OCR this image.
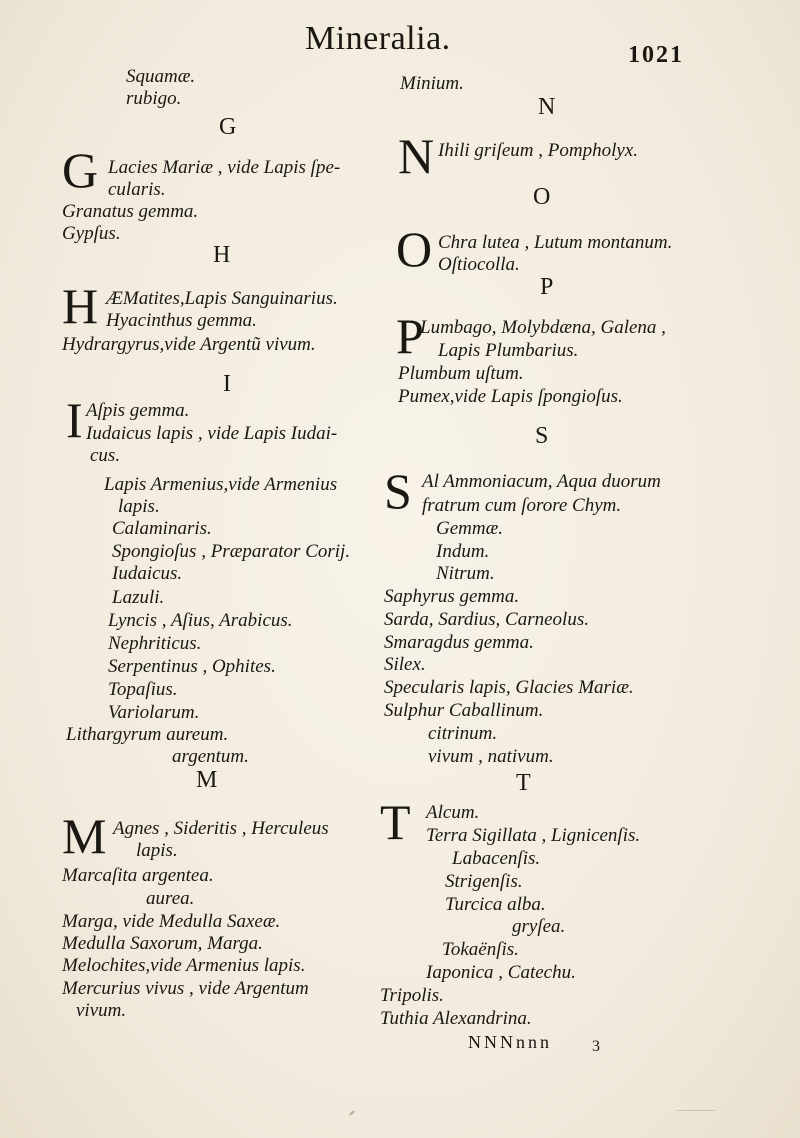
Mineralia.	1021
Squamæ.
rubigo.
G
G Lacies Mariæ , vide Lapis ſpe-
cularis.
Granatus gemma.
Gypſus.
H
H ÆMatites,Lapis Sanguinarius.
Hyacinthus gemma.
Hydrargyrus,vide Argentũ vivum.
I
I Aſpis gemma.
Iudaicus lapis , vide Lapis Iudai-
cus.
Lapis Armenius,vide Armenius
lapis.
Calaminaris.
Spongioſus , Præparator Corij.
Iudaicus.
Lazuli.
Lyncis , Aſius, Arabicus.
Nephriticus.
Serpentinus , Ophites.
Topaſius.
Variolarum.
Lithargyrum aureum.
argentum.
M
M Agnes , Sideritis , Herculeus
lapis.
Marcaſita argentea.
aurea.
Marga, vide Medulla Saxeæ.
Medulla Saxorum, Marga.
Melochites,vide Armenius lapis.
Mercurius vivus , vide Argentum
vivum.
Minium.
N
N Ihili griſeum , Pompholyx.
O
O Chra lutea , Lutum montanum.
Oſtiocolla.
P
P
Lumbago, Molybdæna, Galena ,
Lapis Plumbarius.
Plumbum uſtum.
Pumex,vide Lapis ſpongioſus.
S
S Al Ammoniacum, Aqua duorum
fratrum cum ſorore Chym.
Gemmæ.
Indum.
Nitrum.
Saphyrus gemma.
Sarda, Sardius, Carneolus.
Smaragdus gemma.
Silex.
Specularis lapis, Glacies Mariæ.
Sulphur Caballinum.
citrinum.
vivum , nativum.
T
T Alcum.
Terra Sigillata , Lignicenſis.
Labacenſis.
Strigenſis.
Turcica alba.
gryſea.
Tokaënſis.
Iaponica , Catechu.
Tripolis.
Tuthia Alexandrina.
NNNnnn	3
